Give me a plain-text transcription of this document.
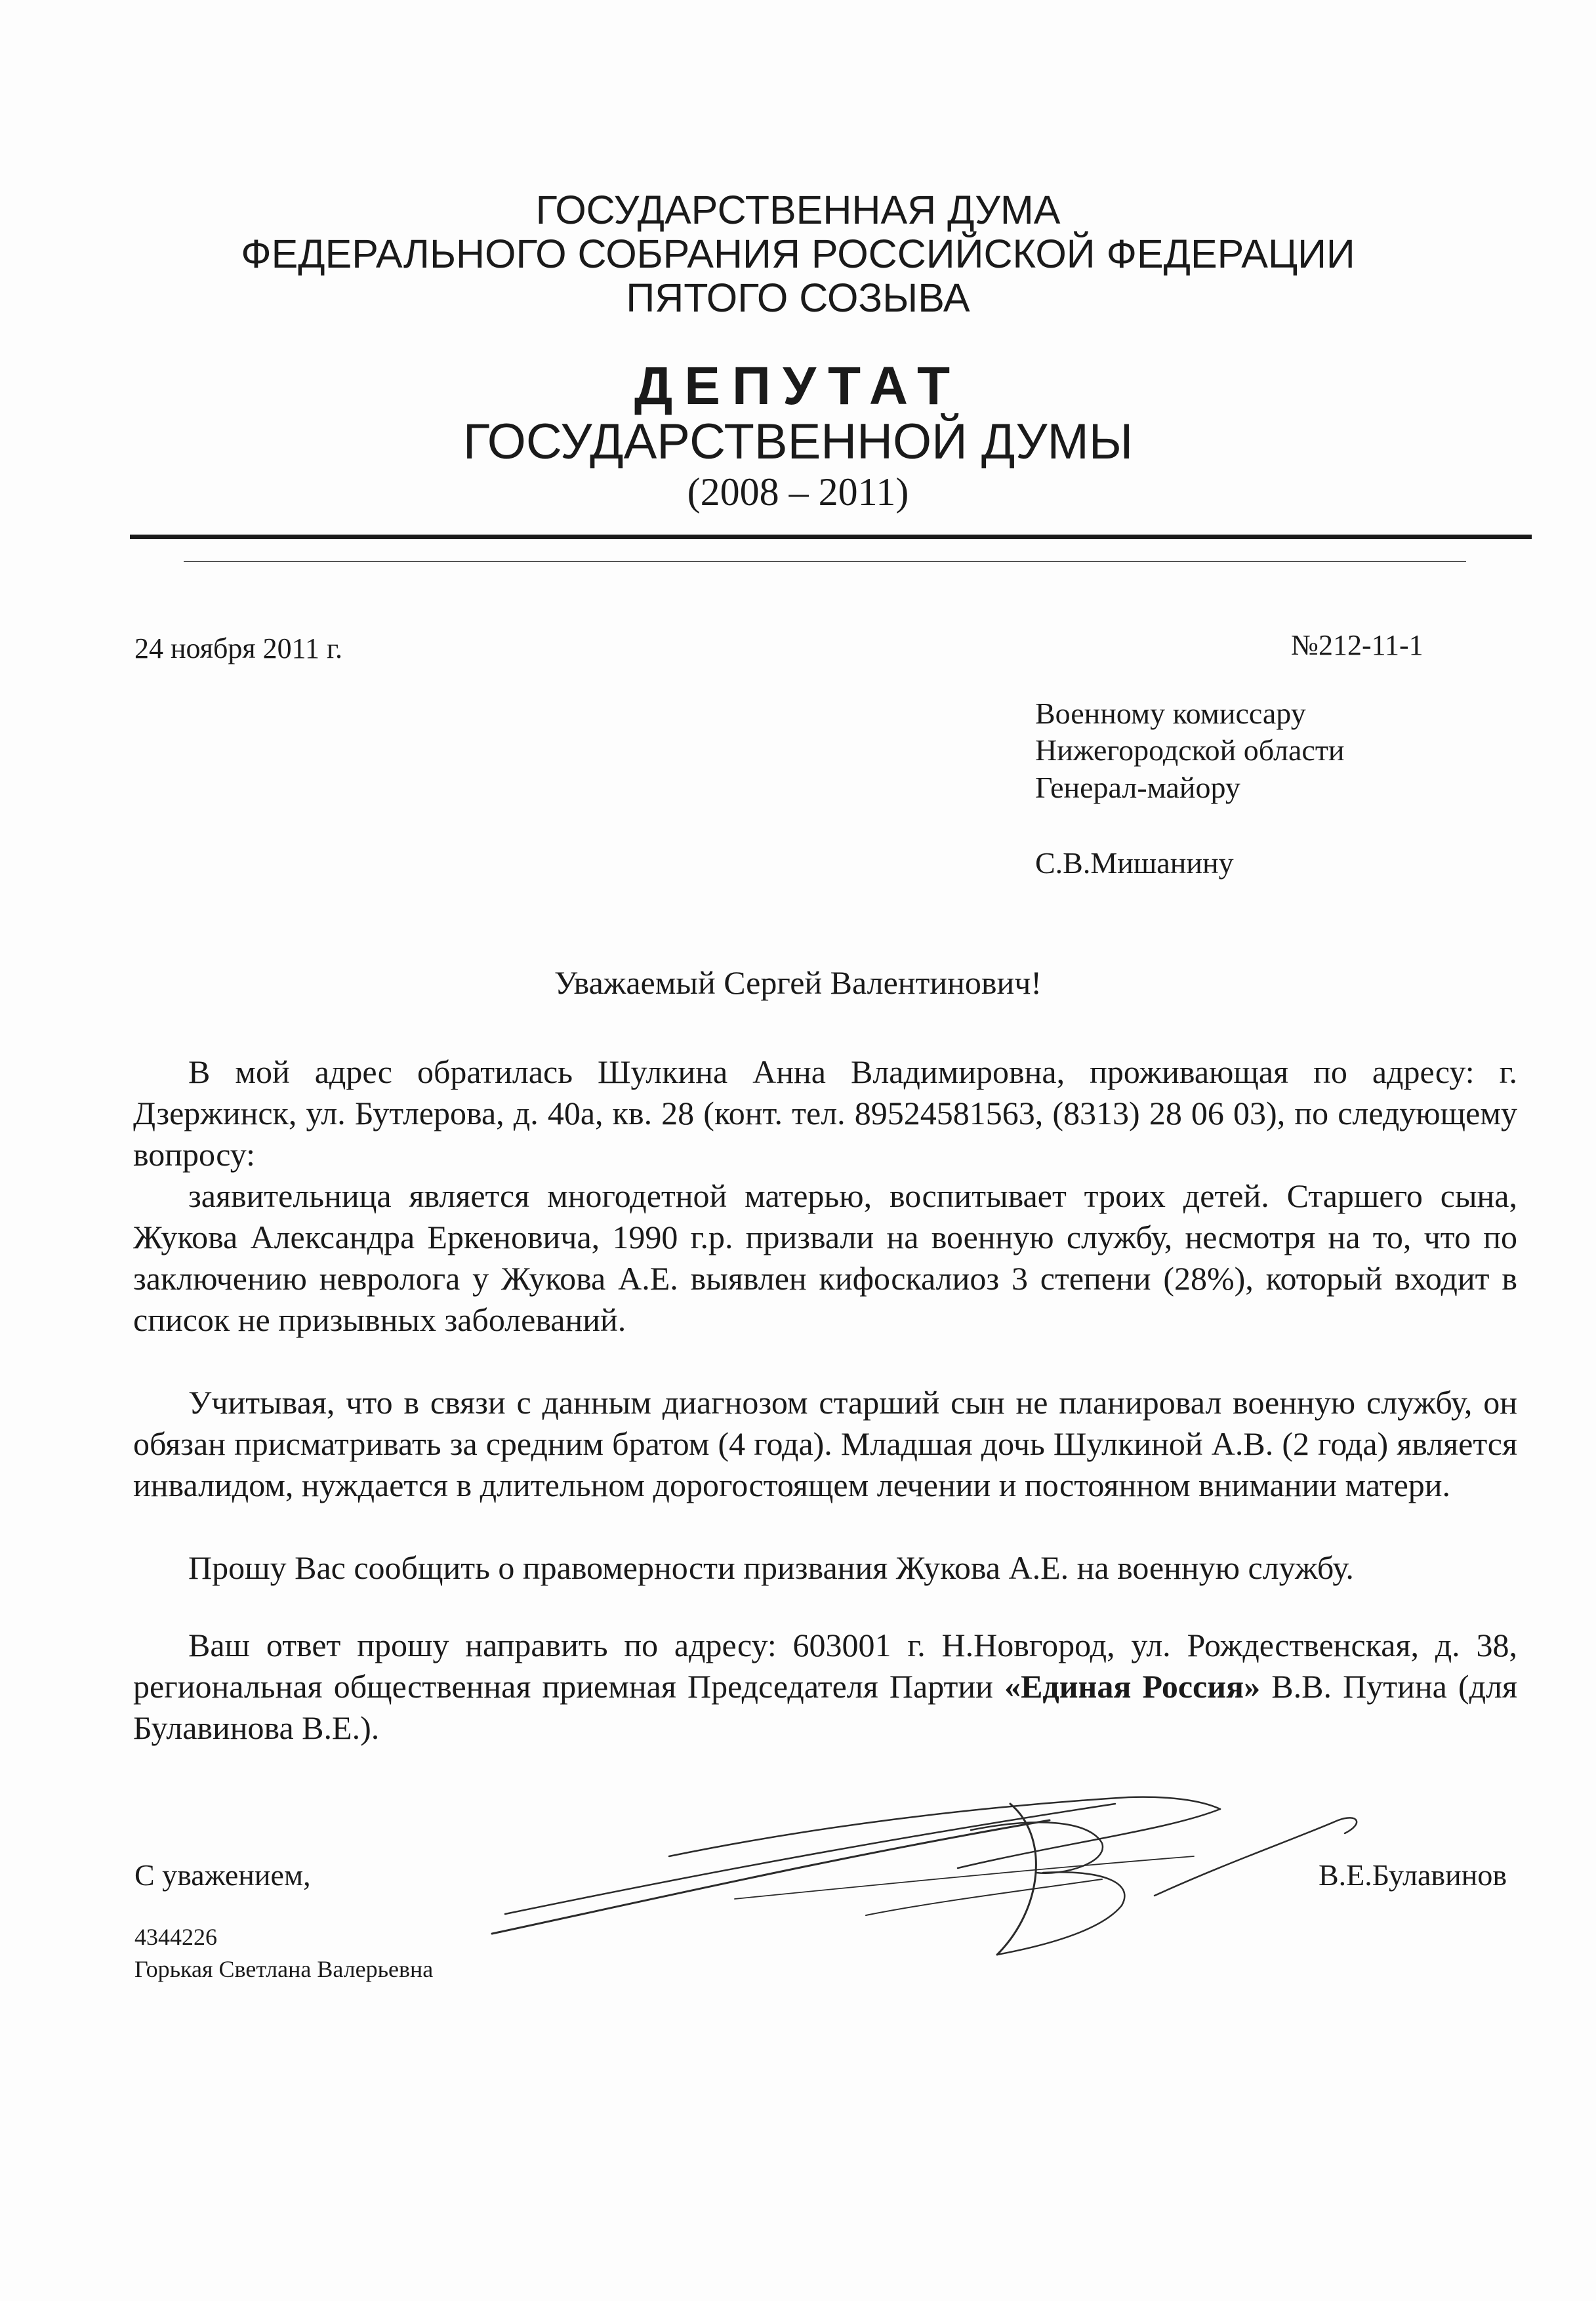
ГОСУДАРСТВЕННАЯ ДУМА
ФЕДЕРАЛЬНОГО СОБРАНИЯ РОССИЙСКОЙ ФЕДЕРАЦИИ
ПЯТОГО СОЗЫВА
ДЕПУТАТ
ГОСУДАРСТВЕННОЙ ДУМЫ
(2008 – 2011)
24 ноября 2011 г.	№212-11-1
Военному комиссару
Нижегородской области
Генерал-майору
С.В.Мишанину
Уважаемый Сергей Валентинович!

В мой адрес обратилась Шулкина Анна Владимировна, проживающая по адресу: г. Дзержинск, ул. Бутлерова, д. 40а, кв. 28 (конт. тел. 89524581563, (8313) 28 06 03), по следующему вопросу:

заявительница является многодетной матерью, воспитывает троих детей. Старшего сына, Жукова Александра Еркеновича, 1990 г.р. призвали на военную службу, несмотря на то, что по заключению невролога у Жукова А.Е. выявлен кифоскалиоз 3 степени (28%), который входит в список не призывных заболеваний.

Учитывая, что в связи с данным диагнозом старший сын не планировал военную службу, он обязан присматривать за средним братом (4 года). Младшая дочь Шулкиной А.В. (2 года) является инвалидом, нуждается в длительном дорогостоящем лечении и постоянном внимании матери.

Прошу Вас сообщить о правомерности призвания Жукова А.Е. на военную службу.

Ваш ответ прошу направить по адресу: 603001 г. Н.Новгород, ул. Рождественская, д. 38, региональная общественная приемная Председателя Партии «Единая Россия» В.В. Путина (для Булавинова В.Е.).

С уважением,	В.Е.Булавинов
4344226
Горькая Светлана Валерьевна
